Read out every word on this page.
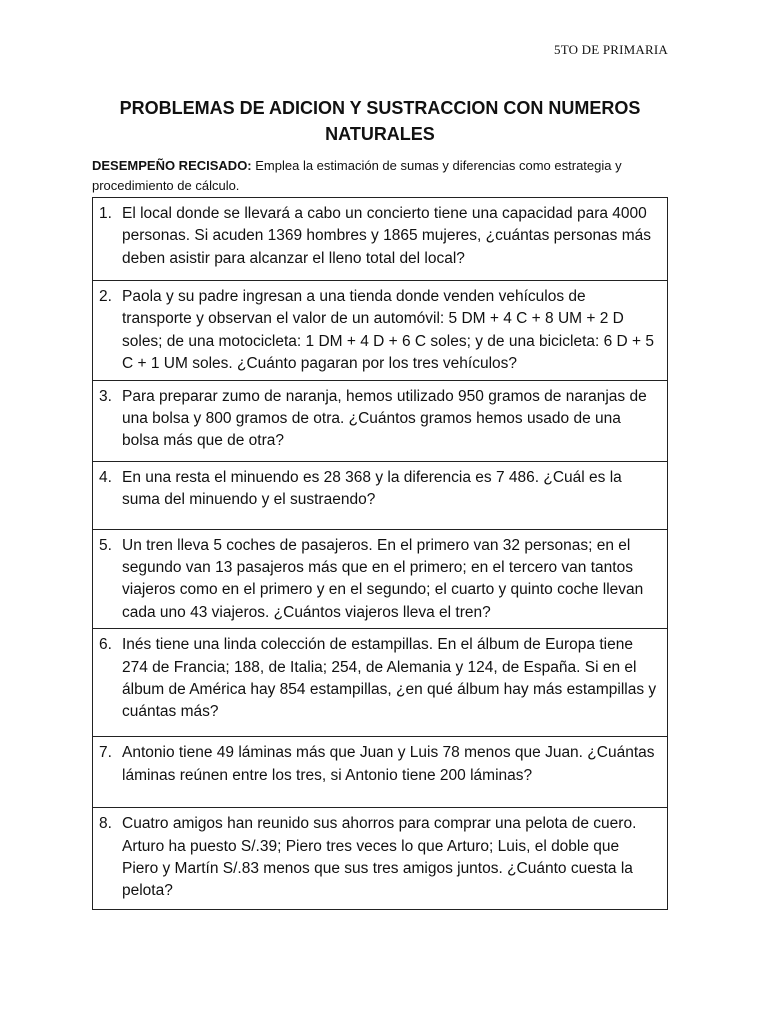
5TO DE PRIMARIA
PROBLEMAS DE ADICION Y SUSTRACCION CON NUMEROS NATURALES
DESEMPEÑO RECISADO: Emplea la estimación de sumas y diferencias como estrategia y procedimiento de cálculo.
1. El local donde se llevará a cabo un concierto tiene una capacidad para 4000 personas. Si acuden 1369 hombres y 1865 mujeres, ¿cuántas personas más deben asistir para alcanzar el lleno total del local?

2. Paola y su padre ingresan a una tienda donde venden vehículos de transporte y observan el valor de un automóvil: 5 DM + 4 C + 8 UM + 2 D soles; de una motocicleta: 1 DM + 4 D + 6 C soles; y de una bicicleta: 6 D + 5 C + 1 UM soles. ¿Cuánto pagaran por los tres vehículos?

3. Para preparar zumo de naranja, hemos utilizado 950 gramos de naranjas de una bolsa y 800 gramos de otra. ¿Cuántos gramos hemos usado de una bolsa más que de otra?

4. En una resta el minuendo es 28 368 y la diferencia es 7 486. ¿Cuál es la suma del minuendo y el sustraendo?

5. Un tren lleva 5 coches de pasajeros. En el primero van 32 personas; en el segundo van 13 pasajeros más que en el primero; en el tercero van tantos viajeros como en el primero y en el segundo; el cuarto y quinto coche llevan cada uno 43 viajeros. ¿Cuántos viajeros lleva el tren?

6. Inés tiene una linda colección de estampillas. En el álbum de Europa tiene 274 de Francia; 188, de Italia; 254, de Alemania y 124, de España. Si en el álbum de América hay 854 estampillas, ¿en qué álbum hay más estampillas y cuántas más?

7. Antonio tiene 49 láminas más que Juan y Luis 78 menos que Juan. ¿Cuántas láminas reúnen entre los tres, si Antonio tiene 200 láminas?

8. Cuatro amigos han reunido sus ahorros para comprar una pelota de cuero. Arturo ha puesto S/.39; Piero tres veces lo que Arturo; Luis, el doble que Piero y Martín S/.83 menos que sus tres amigos juntos. ¿Cuánto cuesta la pelota?
